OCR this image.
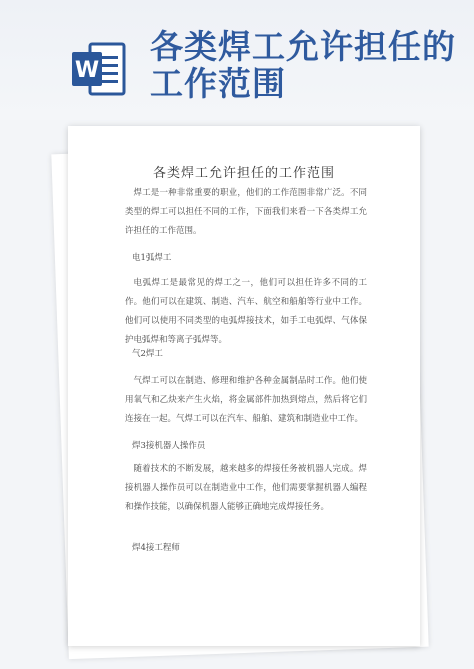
W
各类焊工允许担任的工作范围
各类焊工允许担任的工作范围

焊工是一种非常重要的职业，他们的工作范围非常广泛。不同类型的焊工可以担任不同的工作，下面我们来看一下各类焊工允许担任的工作范围。

电1弧焊工

电弧焊工是最常见的焊工之一，他们可以担任许多不同的工作。他们可以在建筑、制造、汽车、航空和船舶等行业中工作。他们可以使用不同类型的电弧焊接技术，如手工电弧焊、气体保护电弧焊和等离子弧焊等。

气2焊工

气焊工可以在制造、修理和维护各种金属制品时工作。他们使用氧气和乙炔来产生火焰，将金属部件加热到熔点，然后将它们连接在一起。气焊工可以在汽车、船舶、建筑和制造业中工作。

焊3接机器人操作员

随着技术的不断发展，越来越多的焊接任务被机器人完成。焊接机器人操作员可以在制造业中工作，他们需要掌握机器人编程和操作技能，以确保机器人能够正确地完成焊接任务。

焊4接工程师
